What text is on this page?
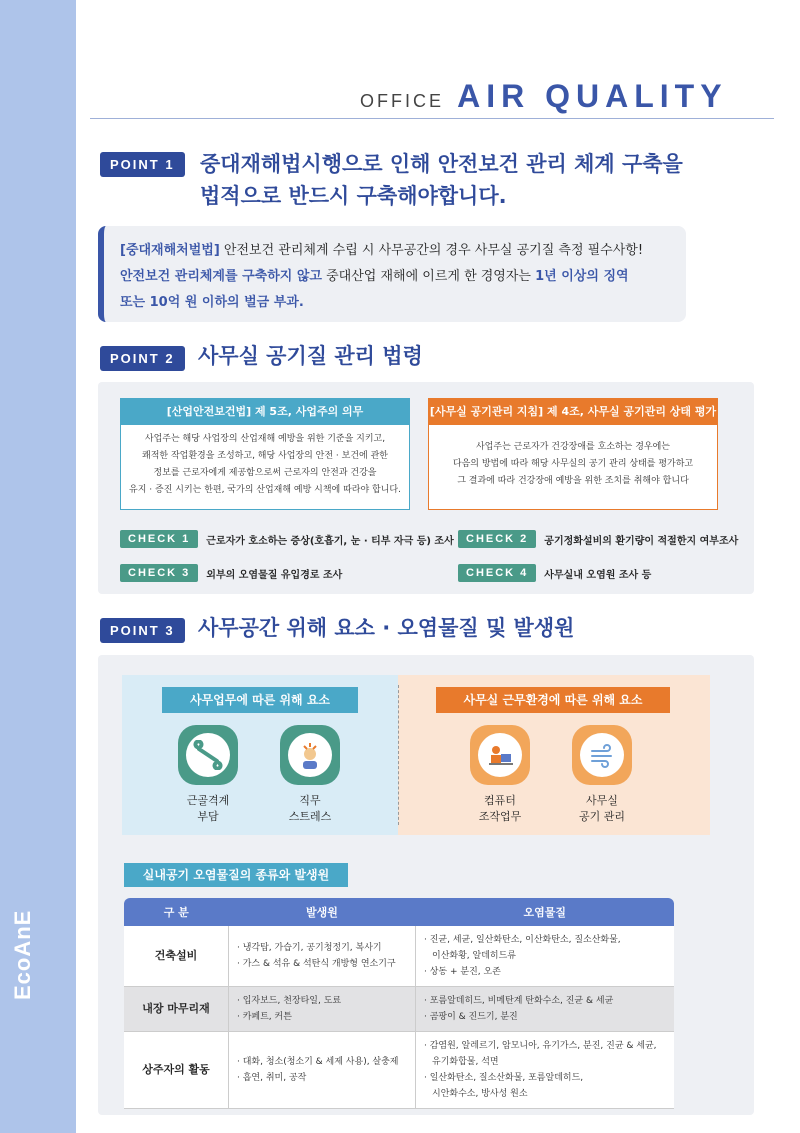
EcoAnE
OFFICE AIR QUALITY
POINT 1	중대재해법시행으로 인해 안전보건 관리 체계 구축을
법적으로 반드시 구축해야합니다.
[중대재해처벌법] 안전보건 관리체계 수립 시 사무공간의 경우 사무실 공기질 측정 필수사항!
안전보건 관리체계를 구축하지 않고 중대산업 재해에 이르게 한 경영자는 1년 이상의 징역
또는 10억 원 이하의 벌금 부과.
POINT 2	사무실 공기질 관리 법령
[산업안전보건법] 제 5조, 사업주의 의무
사업주는 해당 사업장의 산업재해 예방을 위한 기준을 지키고,
쾌적한 작업환경을 조성하고, 해당 사업장의 안전 · 보건에 관한
정보를 근로자에게 제공함으로써 근로자의 안전과 건강을
유지 · 증진 시키는 한편, 국가의 산업재해 예방 시책에 따라야 합니다.
[사무실 공기관리 지침] 제 4조, 사무실 공기관리 상태 평가
사업주는 근로자가 건강장애를 호소하는 경우에는
다음의 방법에 따라 해당 사무실의 공기 관리 상태를 평가하고
그 결과에 따라 건강장애 예방을 위한 조치를 취해야 합니다
CHECK 1	근로자가 호소하는 증상(호흡기, 눈 · 티부 자극 등) 조사	CHECK 2	공기정화설비의 환기량이 적절한지 여부조사
CHECK 3	외부의 오염물질 유입경로 조사	CHECK 4	사무실내 오염원 조사 등
POINT 3	사무공간 위해 요소 · 오염물질 및 발생원
사무업무에 따른 위해 요소
근골격계
부담
직무
스트레스
사무실 근무환경에 따른 위해 요소
컴퓨터
조작업무
사무실
공기 관리
실내공기 오염물질의 종류와 발생원
구 분	발생원	오염물질
건축설비	· 냉각탑, 가습기, 공기청정기, 복사기
· 가스 & 석유 & 석탄식 개방형 연소기구	· 진균, 세균, 일산화탄소, 이산화탄소, 질소산화물,
이산화황, 알데히드류
· 상동 + 분진, 오존

내장 마무리재	· 입자보드, 천장타일, 도료
· 카페트, 커튼	· 포름알데히드, 비메탄계 탄화수소, 진균 & 세균
· 곰팡이 & 진드기, 분진

상주자의 활동	· 대화, 청소(청소기 & 세제 사용), 살충제
· 흡연, 취미, 공작	· 감염원, 알레르기, 암모니아, 유기가스, 분진, 진균 & 세균,
유기화합물, 석면
· 일산화탄소, 질소산화물, 포름알데히드,
시안화수소, 방사성 원소
